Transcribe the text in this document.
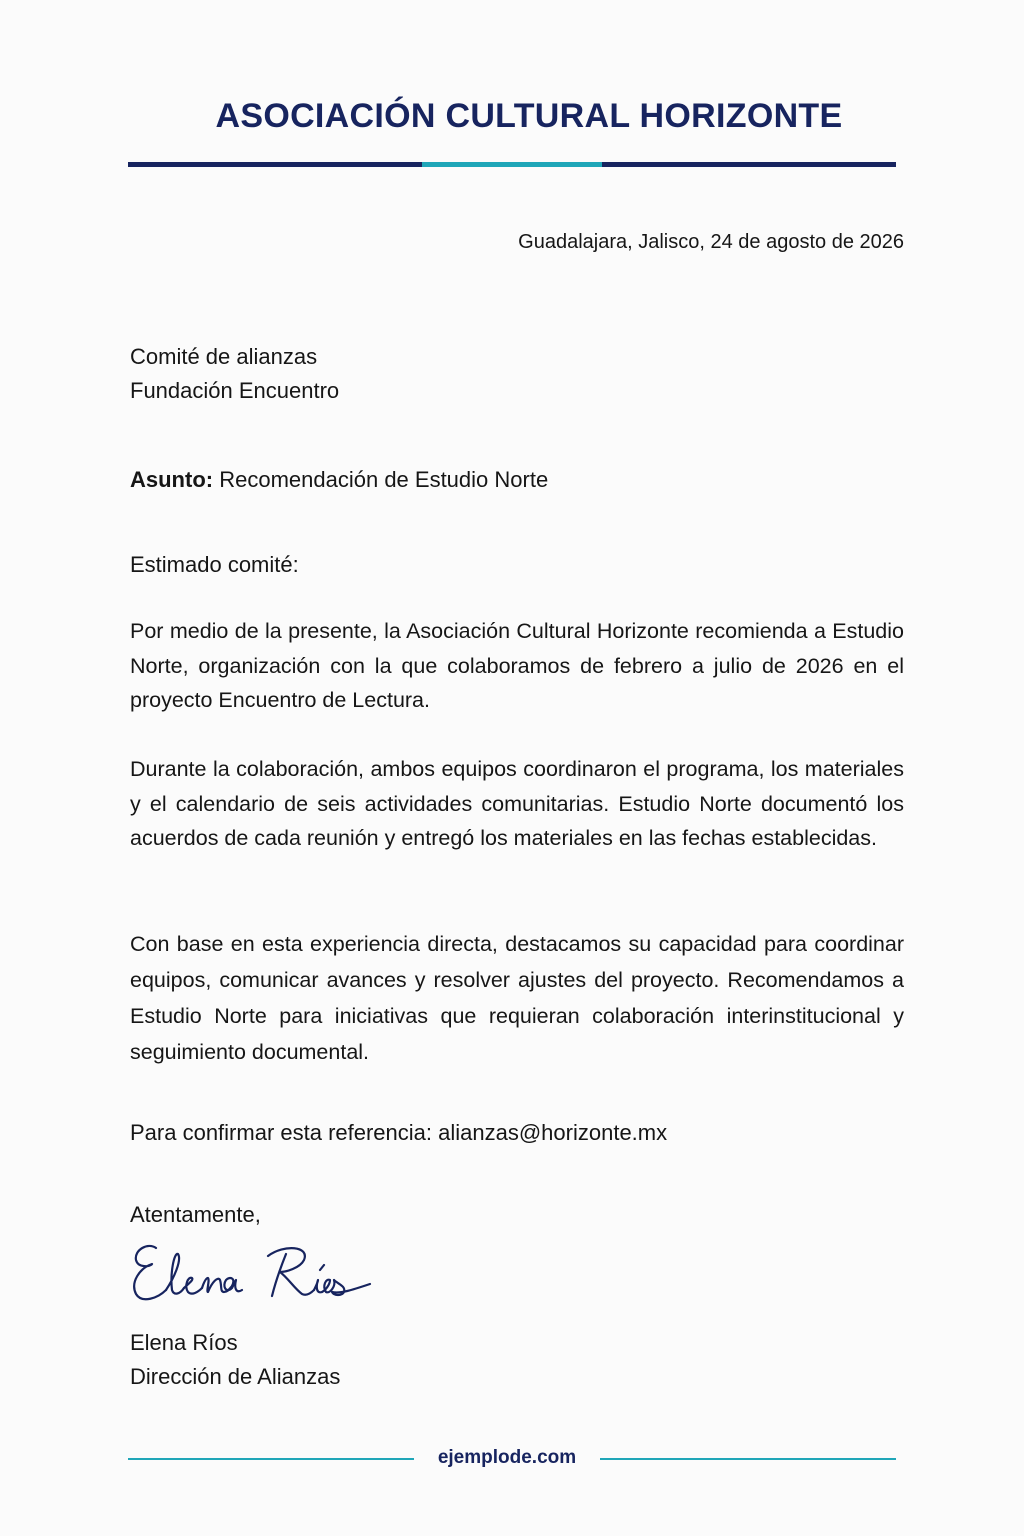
ASOCIACIÓN CULTURAL HORIZONTE
Guadalajara, Jalisco, 24 de agosto de 2026
Comité de alianzas
Fundación Encuentro
Asunto: Recomendación de Estudio Norte
Estimado comité:

Por medio de la presente, la Asociación Cultural Horizonte recomienda a Estudio Norte, organización con la que colaboramos de febrero a julio de 2026 en el proyecto Encuentro de Lectura.

Durante la colaboración, ambos equipos coordinaron el programa, los materiales y el calendario de seis actividades comunitarias. Estudio Norte documentó los acuerdos de cada reunión y entregó los materiales en las fechas establecidas.

Con base en esta experiencia directa, destacamos su capacidad para coordinar equipos, comunicar avances y resolver ajustes del proyecto. Recomendamos a Estudio Norte para iniciativas que requieran colaboración interinstitucional y seguimiento documental.

Para confirmar esta referencia: alianzas@horizonte.mx
Atentamente,
Elena Ríos
Dirección de Alianzas
ejemplode.com
